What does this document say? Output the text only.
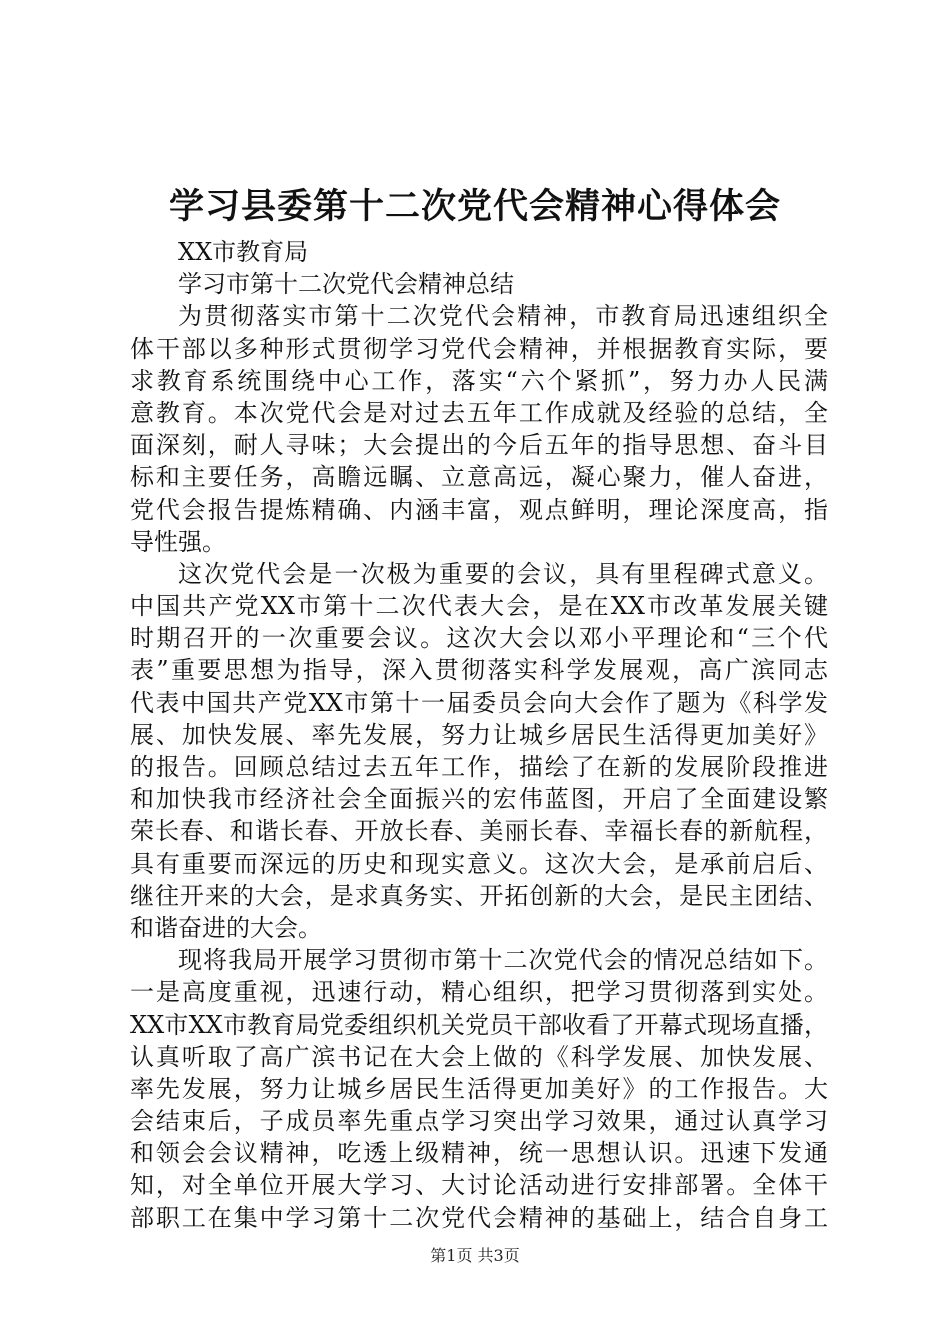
学习县委第十二次党代会精神心得体会
XX市教育局
学习市第十二次党代会精神总结
为贯彻落实市第十二次党代会精神，市教育局迅速组织全
体干部以多种形式贯彻学习党代会精神，并根据教育实际，要
求教育系统围绕中心工作，落实“六个紧抓”，努力办人民满
意教育。本次党代会是对过去五年工作成就及经验的总结，全
面深刻，耐人寻味；大会提出的今后五年的指导思想、奋斗目
标和主要任务，高瞻远瞩、立意高远，凝心聚力，催人奋进，
党代会报告提炼精确、内涵丰富，观点鲜明，理论深度高，指
导性强。
这次党代会是一次极为重要的会议，具有里程碑式意义。
中国共产党XX市第十二次代表大会，是在XX市改革发展关键
时期召开的一次重要会议。这次大会以邓小平理论和“三个代
表”重要思想为指导，深入贯彻落实科学发展观，高广滨同志
代表中国共产党XX市第十一届委员会向大会作了题为《科学发
展、加快发展、率先发展，努力让城乡居民生活得更加美好》
的报告。回顾总结过去五年工作，描绘了在新的发展阶段推进
和加快我市经济社会全面振兴的宏伟蓝图，开启了全面建设繁
荣长春、和谐长春、开放长春、美丽长春、幸福长春的新航程，
具有重要而深远的历史和现实意义。这次大会，是承前启后、
继往开来的大会，是求真务实、开拓创新的大会，是民主团结、
和谐奋进的大会。
现将我局开展学习贯彻市第十二次党代会的情况总结如下。
一是高度重视，迅速行动，精心组织，把学习贯彻落到实处。
XX市XX市教育局党委组织机关党员干部收看了开幕式现场直播，
认真听取了高广滨书记在大会上做的《科学发展、加快发展、
率先发展，努力让城乡居民生活得更加美好》的工作报告。大
会结束后，子成员率先重点学习突出学习效果，通过认真学习
和领会会议精神，吃透上级精神，统一思想认识。迅速下发通
知，对全单位开展大学习、大讨论活动进行安排部署。全体干
部职工在集中学习第十二次党代会精神的基础上，结合自身工
第1页 共3页
